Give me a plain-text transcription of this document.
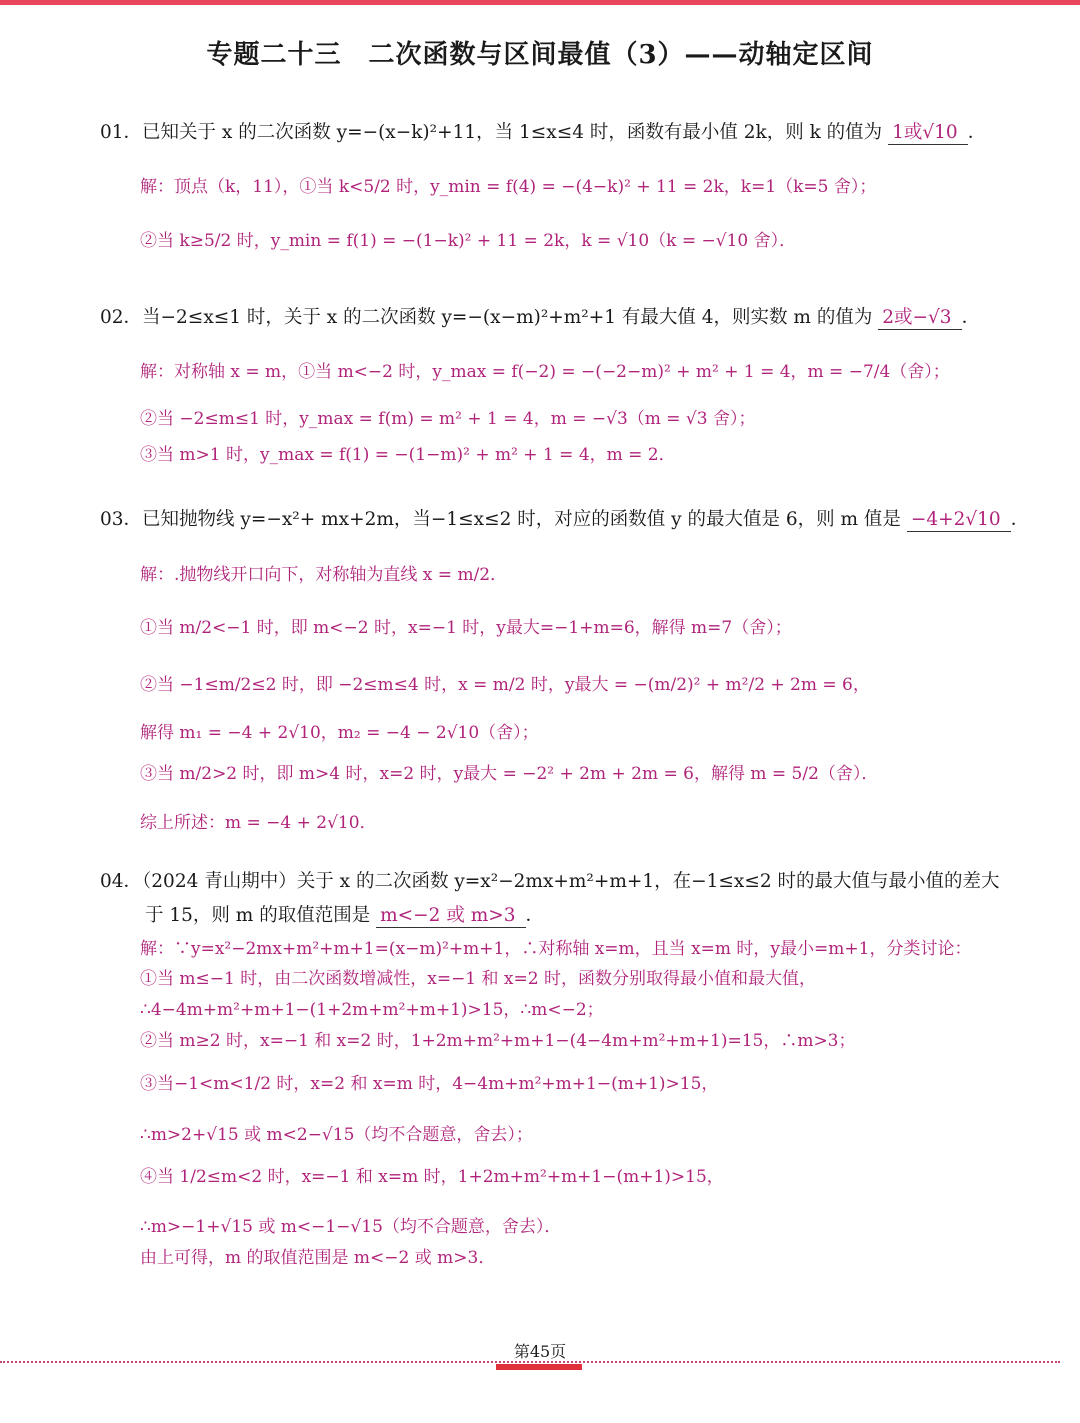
专题二十三　二次函数与区间最值（3）——动轴定区间
01．已知关于 x 的二次函数 y=−(x−k)²+11，当 1≤x≤4 时，函数有最小值 2k，则 k 的值为 1或√10 ．
解：顶点（k，11），①当 k<5/2 时，y_min = f(4) = −(4−k)² + 11 = 2k，k=1（k=5 舍）；
②当 k≥5/2 时，y_min = f(1) = −(1−k)² + 11 = 2k，k = √10（k = −√10 舍）．
02．当−2≤x≤1 时，关于 x 的二次函数 y=−(x−m)²+m²+1 有最大值 4，则实数 m 的值为 2或−√3 ．
解：对称轴 x = m，①当 m<−2 时，y_max = f(−2) = −(−2−m)² + m² + 1 = 4，m = −7/4（舍）；
②当 −2≤m≤1 时，y_max = f(m) = m² + 1 = 4，m = −√3（m = √3 舍）；
③当 m>1 时，y_max = f(1) = −(1−m)² + m² + 1 = 4，m = 2．
03．已知抛物线 y=−x²+ mx+2m，当−1≤x≤2 时，对应的函数值 y 的最大值是 6，则 m 值是 −4+2√10 ．
解：.抛物线开口向下，对称轴为直线 x = m/2．
①当 m/2<−1 时，即 m<−2 时，x=−1 时，y最大=−1+m=6，解得 m=7（舍）；
②当 −1≤m/2≤2 时，即 −2≤m≤4 时，x = m/2 时，y最大 = −(m/2)² + m²/2 + 2m = 6，
解得 m₁ = −4 + 2√10，m₂ = −4 − 2√10（舍）；
③当 m/2>2 时，即 m>4 时，x=2 时，y最大 = −2² + 2m + 2m = 6，解得 m = 5/2（舍）．
综上所述：m = −4 + 2√10．
04．（2024 青山期中）关于 x 的二次函数 y=x²−2mx+m²+m+1，在−1≤x≤2 时的最大值与最小值的差大
于 15，则 m 的取值范围是 m<−2 或 m>3 ．
解：∵y=x²−2mx+m²+m+1=(x−m)²+m+1，∴对称轴 x=m，且当 x=m 时，y最小=m+1，分类讨论：
①当 m≤−1 时，由二次函数增减性，x=−1 和 x=2 时，函数分别取得最小值和最大值，
∴4−4m+m²+m+1−(1+2m+m²+m+1)>15，∴m<−2；
②当 m≥2 时，x=−1 和 x=2 时，1+2m+m²+m+1−(4−4m+m²+m+1)=15，∴m>3；
③当−1<m<1/2 时，x=2 和 x=m 时，4−4m+m²+m+1−(m+1)>15，
∴m>2+√15 或 m<2−√15（均不合题意，舍去）；
④当 1/2≤m<2 时，x=−1 和 x=m 时，1+2m+m²+m+1−(m+1)>15，
∴m>−1+√15 或 m<−1−√15（均不合题意，舍去）．
由上可得，m 的取值范围是 m<−2 或 m>3．
第45页
